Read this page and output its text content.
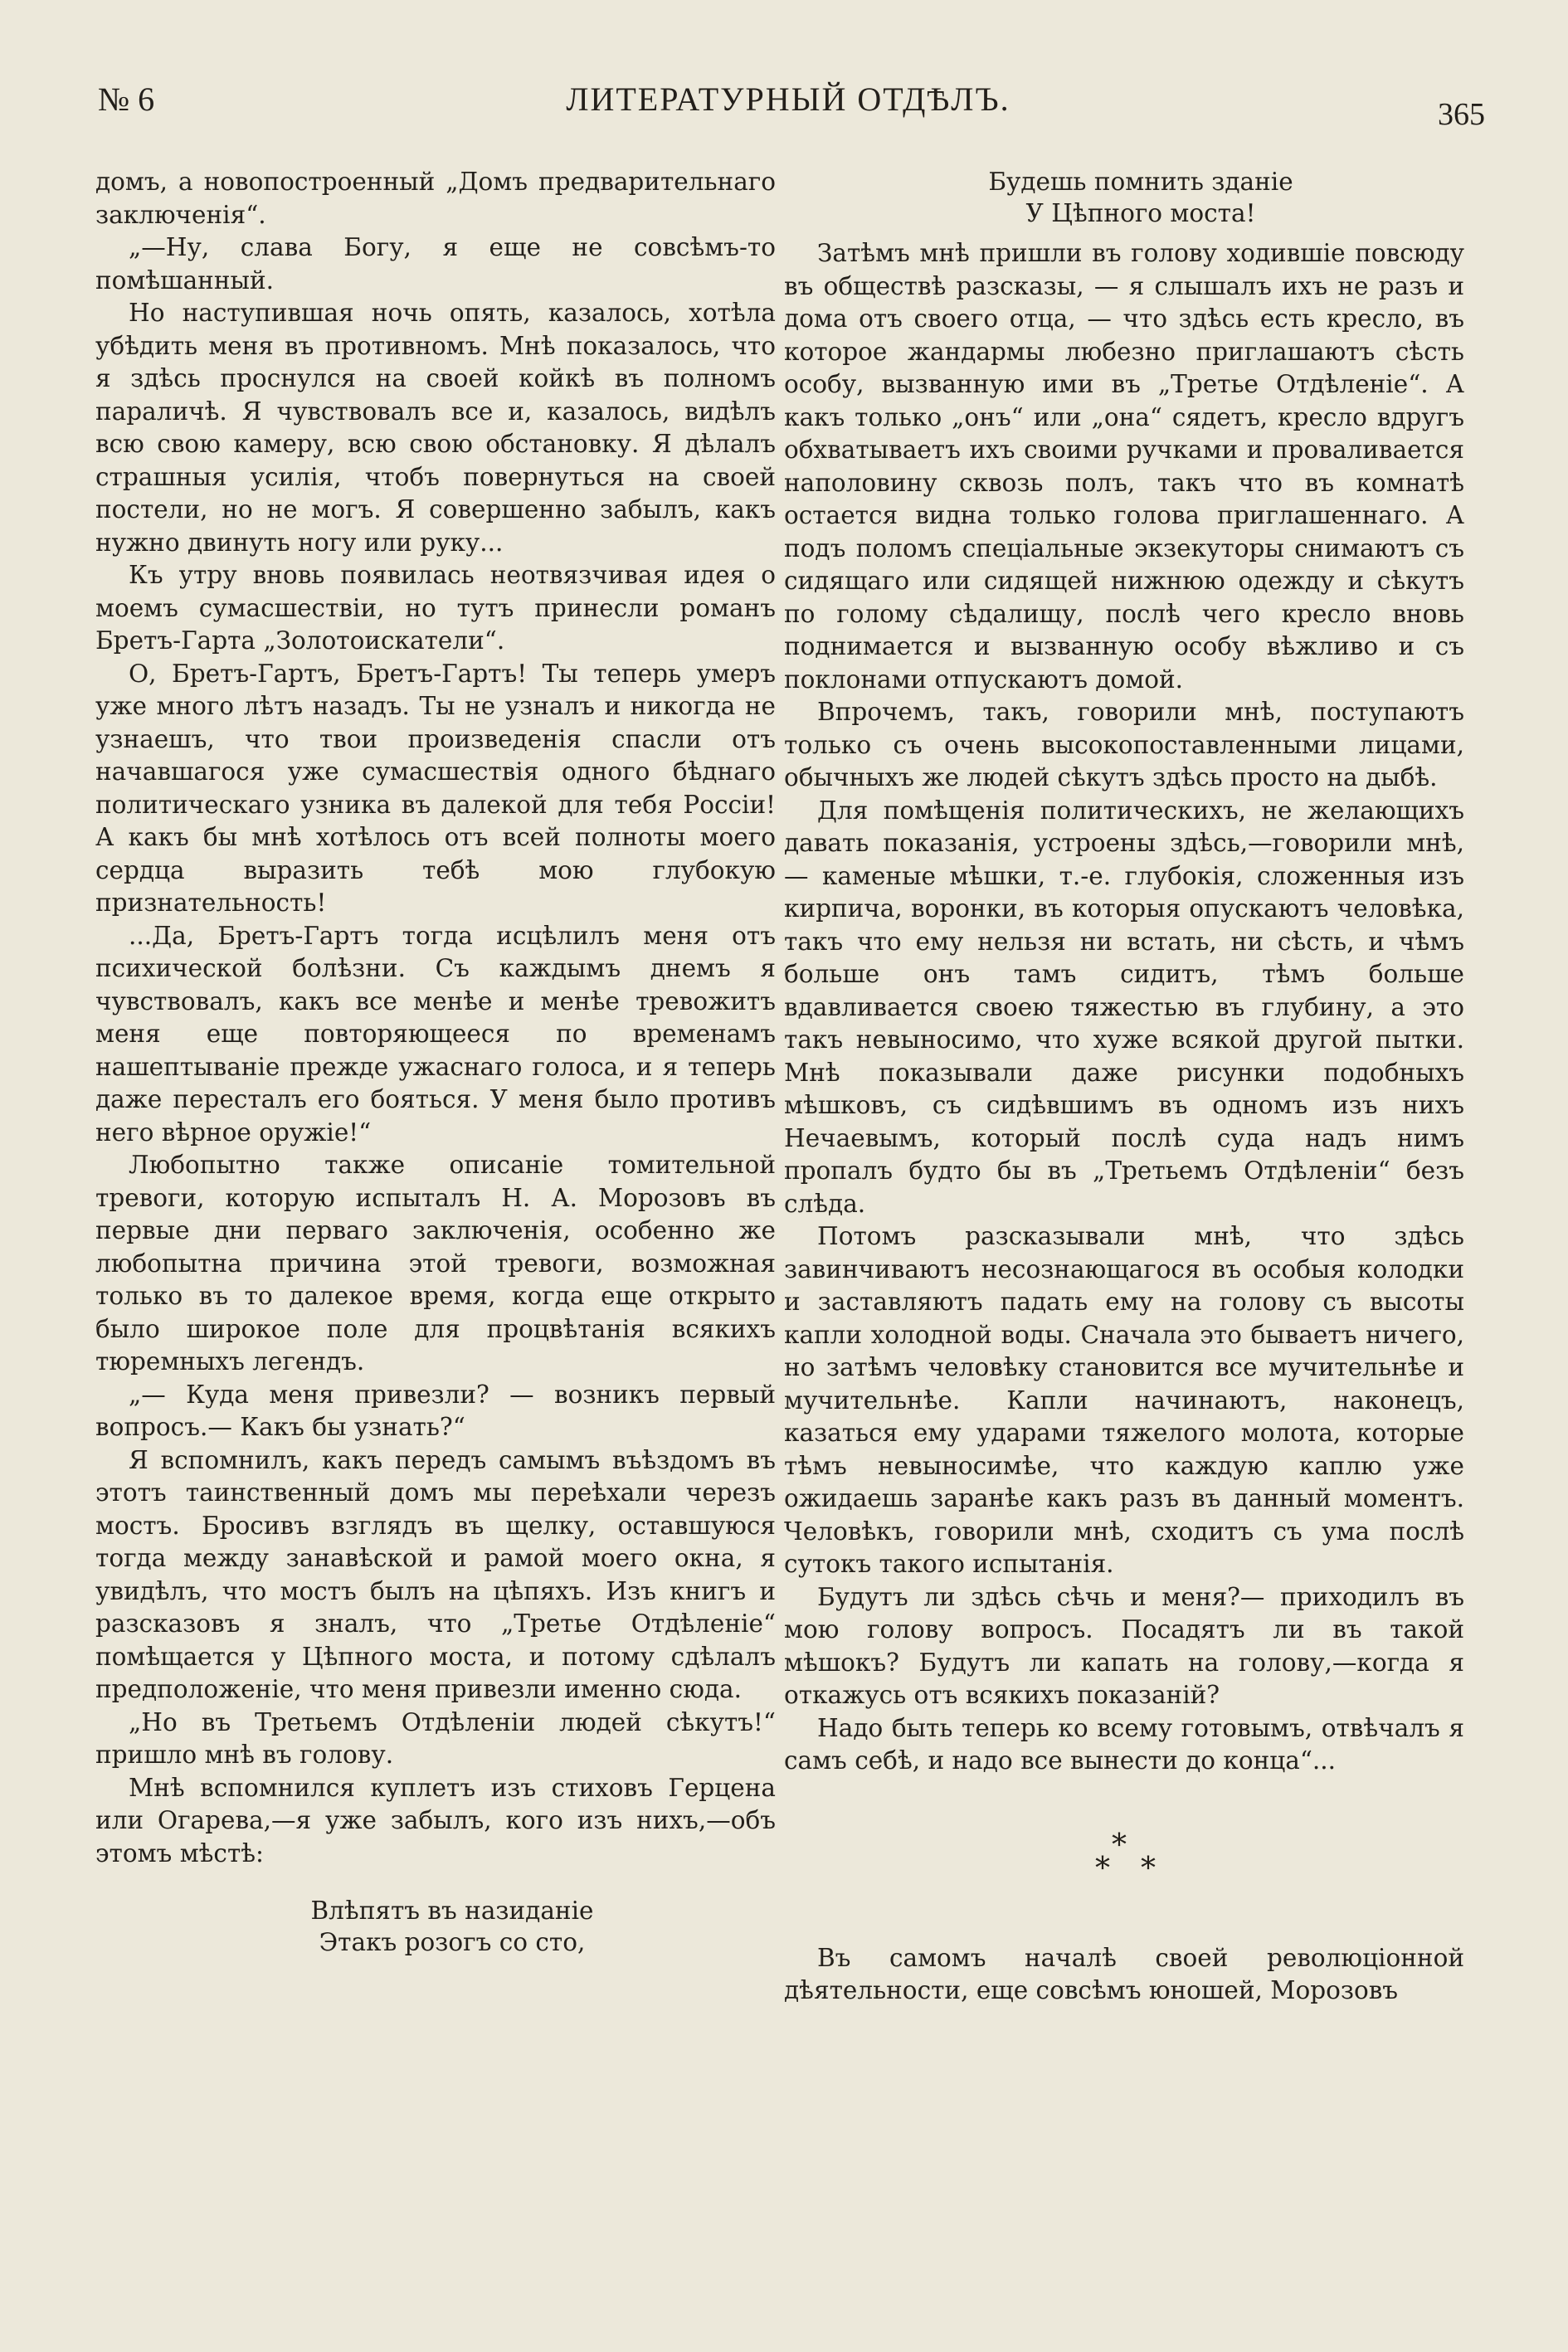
№ 6	ЛИТЕРАТУРНЫЙ ОТДѢЛЪ.	365

домъ, а новопостроенный „Домъ предварительнаго заключенія“.

„—Ну, слава Богу, я еще не совсѣмъ-то помѣшанный.

Но наступившая ночь опять, казалось, хотѣла убѣдить меня въ противномъ. Мнѣ показалось, что я здѣсь проснулся на своей койкѣ въ полномъ параличѣ. Я чувствовалъ все и, казалось, видѣлъ всю свою камеру, всю свою обстановку. Я дѣлалъ страшныя усилія, чтобъ повернуться на своей постели, но не могъ. Я совершенно забылъ, какъ нужно двинуть ногу или руку...

Къ утру вновь появилась неотвязчивая идея о моемъ сумасшествіи, но тутъ принесли романъ Бретъ-Гарта „Золотоискатели“.

О, Бретъ-Гартъ, Бретъ-Гартъ! Ты теперь умеръ уже много лѣтъ назадъ. Ты не узналъ и никогда не узнаешъ, что твои произведенія спасли отъ начавшагося уже сумасшествія одного бѣднаго политическаго узника въ далекой для тебя Россіи! А какъ бы мнѣ хотѣлось отъ всей полноты моего сердца выразить тебѣ мою глубокую признательность!

...Да, Бретъ-Гартъ тогда исцѣлилъ меня отъ психической болѣзни. Съ каждымъ днемъ я чувствовалъ, какъ все менѣе и менѣе тревожитъ меня еще повторяющееся по временамъ нашептываніе прежде ужаснаго голоса, и я теперь даже пересталъ его бояться. У меня было противъ него вѣрное оружіе!“

Любопытно также описаніе томительной тревоги, которую испыталъ Н. А. Морозовъ въ первые дни перваго заключенія, особенно же любопытна причина этой тревоги, возможная только въ то далекое время, когда еще открыто было широкое поле для процвѣтанія всякихъ тюремныхъ легендъ.

„— Куда меня привезли? — возникъ первый вопросъ.— Какъ бы узнать?“

Я вспомнилъ, какъ передъ самымъ въѣздомъ въ этотъ таинственный домъ мы переѣхали черезъ мостъ. Бросивъ взглядъ въ щелку, оставшуюся тогда между занавѣской и рамой моего окна, я увидѣлъ, что мостъ былъ на цѣпяхъ. Изъ книгъ и разсказовъ я зналъ, что „Третье Отдѣленіе“ помѣщается у Цѣпного моста, и потому сдѣлалъ предположеніе, что меня привезли именно сюда.

„Но въ Третьемъ Отдѣленіи людей сѣкутъ!“ пришло мнѣ въ голову.

Мнѣ вспомнился куплетъ изъ стиховъ Герцена или Огарева,—я уже забылъ, кого изъ нихъ,—объ этомъ мѣстѣ:

Влѣпятъ въ назиданіе

Этакъ розогъ со сто,

Будешь помнить зданіе

У Цѣпного моста!

Затѣмъ мнѣ пришли въ голову ходившіе повсюду въ обществѣ разсказы, — я слышалъ ихъ не разъ и дома отъ своего отца, — что здѣсь есть кресло, въ которое жандармы любезно приглашаютъ сѣсть особу, вызванную ими въ „Третье Отдѣленіе“. А какъ только „онъ“ или „она“ сядетъ, кресло вдругъ обхватываетъ ихъ своими ручками и проваливается наполовину сквозь полъ, такъ что въ комнатѣ остается видна только голова приглашеннаго. А подъ поломъ спеціальные экзекуторы снимаютъ съ сидящаго или сидящей нижнюю одежду и сѣкутъ по голому сѣдалищу, послѣ чего кресло вновь поднимается и вызванную особу вѣжливо и съ поклонами отпускаютъ домой.

Впрочемъ, такъ, говорили мнѣ, поступаютъ только съ очень высокопоставленными лицами, обычныхъ же людей сѣкутъ здѣсь просто на дыбѣ.

Для помѣщенія политическихъ, не желающихъ давать показанія, устроены здѣсь,—говорили мнѣ, — каменые мѣшки, т.-е. глубокія, сложенныя изъ кирпича, воронки, въ которыя опускаютъ человѣка, такъ что ему нельзя ни встать, ни сѣсть, и чѣмъ больше онъ тамъ сидитъ, тѣмъ больше вдавливается своею тяжестью въ глубину, а это такъ невыносимо, что хуже всякой другой пытки. Мнѣ показывали даже рисунки подобныхъ мѣшковъ, съ сидѣвшимъ въ одномъ изъ нихъ Нечаевымъ, который послѣ суда надъ нимъ пропалъ будто бы въ „Третьемъ Отдѣленіи“ безъ слѣда.

Потомъ разсказывали мнѣ, что здѣсь завинчиваютъ несознающагося въ особыя колодки и заставляютъ падать ему на голову съ высоты капли холодной воды. Сначала это бываетъ ничего, но затѣмъ человѣку становится все мучительнѣе и мучительнѣе. Капли начинаютъ, наконецъ, казаться ему ударами тяжелого молота, которые тѣмъ невыносимѣе, что каждую каплю уже ожидаешь заранѣе какъ разъ въ данный моментъ. Человѣкъ, говорили мнѣ, сходитъ съ ума послѣ сутокъ такого испытанія.

Будутъ ли здѣсь сѣчь и меня?— приходилъ въ мою голову вопросъ. Посадятъ ли въ такой мѣшокъ? Будутъ ли капать на голову,—когда я откажусь отъ всякихъ показаній?

Надо быть теперь ко всему готовымъ, отвѣчалъ я самъ себѣ, и надо все вынести до конца“...

*
* *

Въ самомъ началѣ своей революціонной дѣятельности, еще совсѣмъ юношей, Морозовъ
